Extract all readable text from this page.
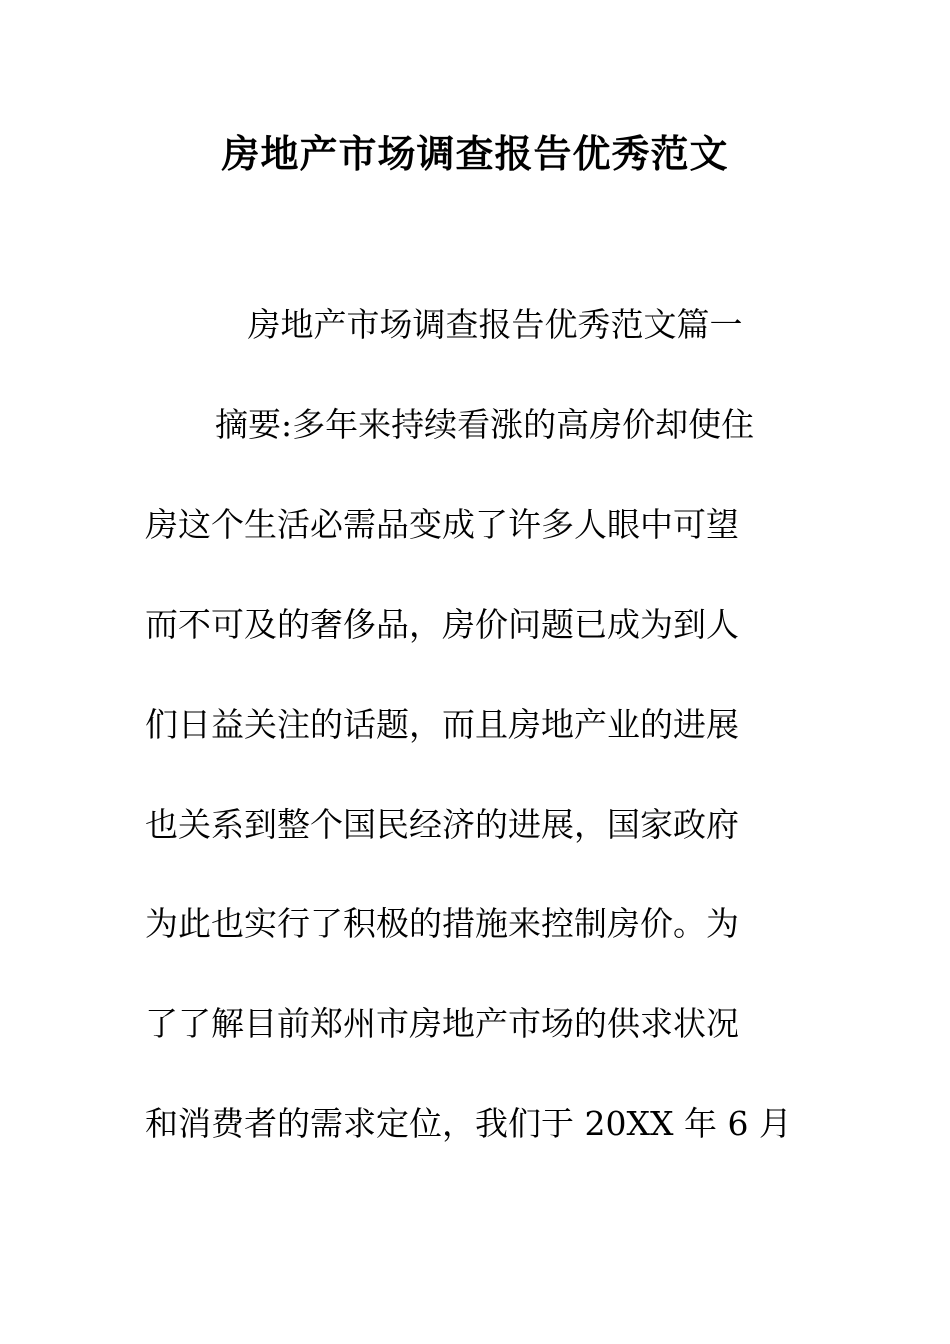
房地产市场调查报告优秀范文
房地产市场调查报告优秀范文篇一
摘要:多年来持续看涨的高房价却使住
房这个生活必需品变成了许多人眼中可望
而不可及的奢侈品，房价问题已成为到人
们日益关注的话题，而且房地产业的进展
也关系到整个国民经济的进展，国家政府
为此也实行了积极的措施来控制房价。为
了了解目前郑州市房地产市场的供求状况
和消费者的需求定位，我们于 20XX 年 6 月
